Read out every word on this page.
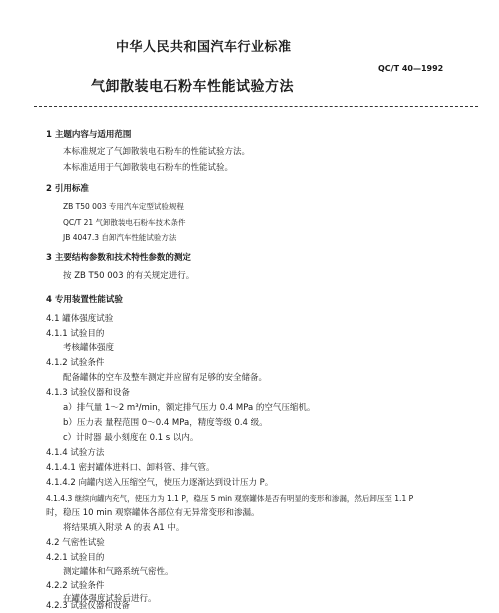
中华人民共和国汽车行业标准
QC/T 40—1992
气卸散装电石粉车性能试验方法
1 主题内容与适用范围
本标准规定了气卸散装电石粉车的性能试验方法。
本标准适用于气卸散装电石粉车的性能试验。
2 引用标准
ZB T50 003 专用汽车定型试验规程
QC/T 21 气卸散装电石粉车技术条件
JB 4047.3 自卸汽车性能试验方法
3 主要结构参数和技术特性参数的测定
按 ZB T50 003 的有关规定进行。
4 专用装置性能试验
4.1 罐体强度试验
4.1.1 试验目的
考核罐体强度
4.1.2 试验条件
配备罐体的空车及整车测定并应留有足够的安全储备。
4.1.3 试验仪器和设备
a）排气量 1～2 m³/min，额定排气压力 0.4 MPa 的空气压缩机。
b）压力表 量程范围 0～0.4 MPa，精度等级 0.4 级。
c）计时器 最小刻度在 0.1 s 以内。
4.1.4 试验方法
4.1.4.1 密封罐体进料口、卸料管、排气管。
4.1.4.2 向罐内送入压缩空气，使压力逐渐达到设计压力 P。
4.1.4.3 继续向罐内充气，使压力为 1.1 P，稳压 5 min 观察罐体是否有明显的变形和渗漏，然后卸压至 1.1 P
时，稳压 10 min 观察罐体各部位有无异常变形和渗漏。
将结果填入附录 A 的表 A1 中。
4.2 气密性试验
4.2.1 试验目的
测定罐体和气路系统气密性。
4.2.2 试验条件
在罐体强度试验后进行。
4.2.3 试验仪器和设备
